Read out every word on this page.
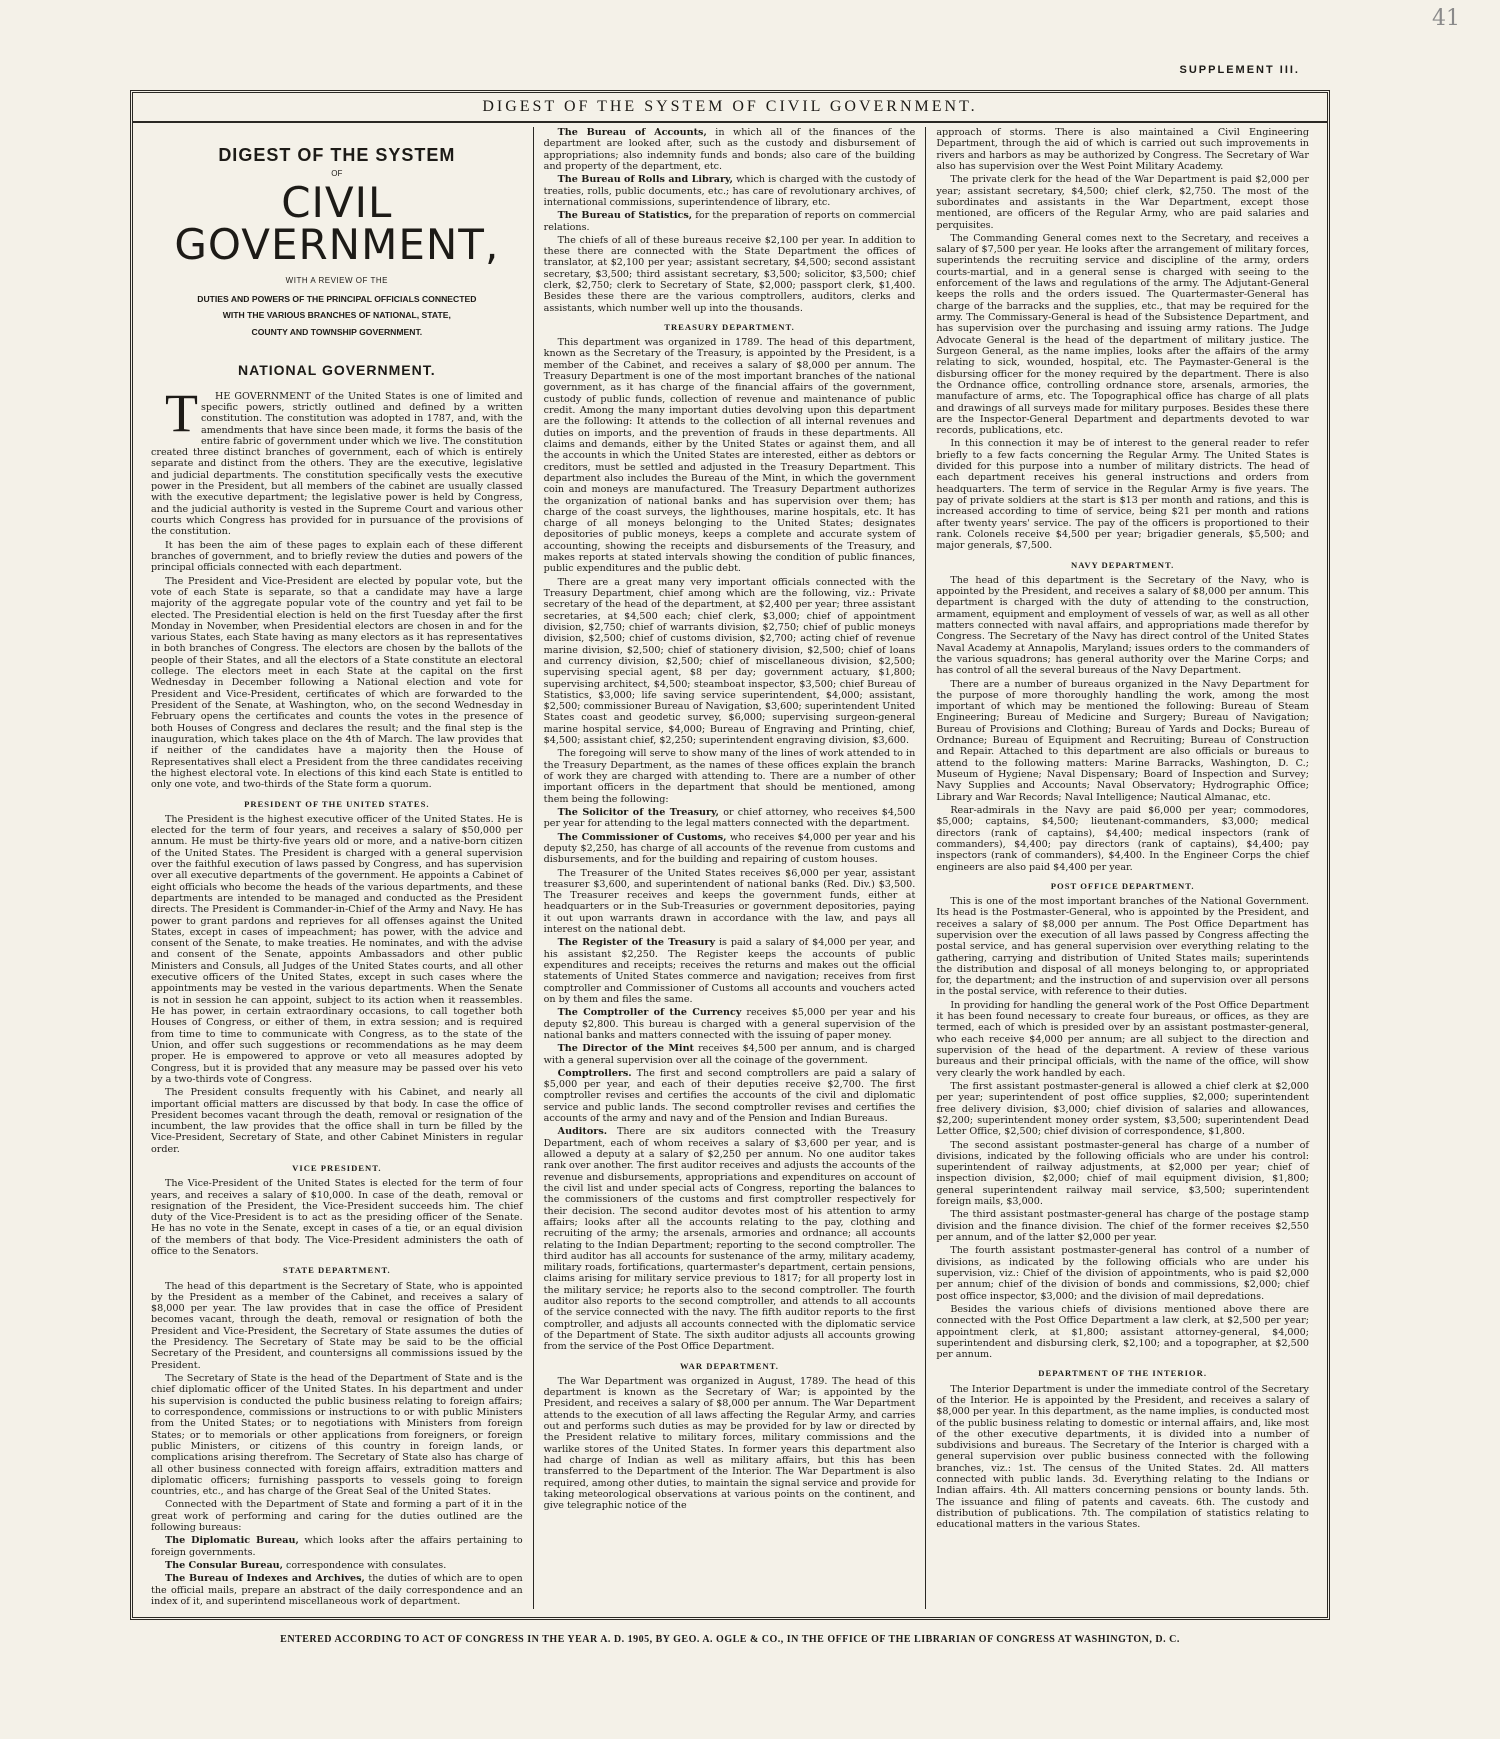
41
SUPPLEMENT III.
DIGEST OF THE SYSTEM OF CIVIL GOVERNMENT.
DIGEST OF THE SYSTEM
OF
CIVIL GOVERNMENT,
WITH A REVIEW OF THE
DUTIES AND POWERS OF THE PRINCIPAL OFFICIALS CONNECTED
WITH THE VARIOUS BRANCHES OF NATIONAL, STATE,
COUNTY AND TOWNSHIP GOVERNMENT.
NATIONAL GOVERNMENT.

THE GOVERNMENT of the United States is one of limited and specific powers, strictly outlined and defined by a written constitution. The constitution was adopted in 1787, and, with the amendments that have since been made, it forms the basis of the entire fabric of government under which we live. The constitution created three distinct branches of government, each of which is entirely separate and distinct from the others. They are the executive, legislative and judicial departments. The constitution specifically vests the executive power in the President, but all members of the cabinet are usually classed with the executive department; the legislative power is held by Congress, and the judicial authority is vested in the Supreme Court and various other courts which Congress has provided for in pursuance of the provisions of the constitution.

It has been the aim of these pages to explain each of these different branches of government, and to briefly review the duties and powers of the principal officials connected with each department.

The President and Vice-President are elected by popular vote, but the vote of each State is separate, so that a candidate may have a large majority of the aggregate popular vote of the country and yet fail to be elected. The Presidential election is held on the first Tuesday after the first Monday in November, when Presidential electors are chosen in and for the various States, each State having as many electors as it has representatives in both branches of Congress. The electors are chosen by the ballots of the people of their States, and all the electors of a State constitute an electoral college. The electors meet in each State at the capital on the first Wednesday in December following a National election and vote for President and Vice-President, certificates of which are forwarded to the President of the Senate, at Washington, who, on the second Wednesday in February opens the certificates and counts the votes in the presence of both Houses of Congress and declares the result; and the final step is the inauguration, which takes place on the 4th of March. The law provides that if neither of the candidates have a majority then the House of Representatives shall elect a President from the three candidates receiving the highest electoral vote. In elections of this kind each State is entitled to only one vote, and two-thirds of the State form a quorum.

PRESIDENT OF THE UNITED STATES.

The President is the highest executive officer of the United States. He is elected for the term of four years, and receives a salary of $50,000 per annum. He must be thirty-five years old or more, and a native-born citizen of the United States. The President is charged with a general supervision over the faithful execution of laws passed by Congress, and has supervision over all executive departments of the government. He appoints a Cabinet of eight officials who become the heads of the various departments, and these departments are intended to be managed and conducted as the President directs. The President is Commander-in-Chief of the Army and Navy. He has power to grant pardons and reprieves for all offenses against the United States, except in cases of impeachment; has power, with the advice and consent of the Senate, to make treaties. He nominates, and with the advise and consent of the Senate, appoints Ambassadors and other public Ministers and Consuls, all Judges of the United States courts, and all other executive officers of the United States, except in such cases where the appointments may be vested in the various departments. When the Senate is not in session he can appoint, subject to its action when it reassembles. He has power, in certain extraordinary occasions, to call together both Houses of Congress, or either of them, in extra session; and is required from time to time to communicate with Congress, as to the state of the Union, and offer such suggestions or recommendations as he may deem proper. He is empowered to approve or veto all measures adopted by Congress, but it is provided that any measure may be passed over his veto by a two-thirds vote of Congress.

The President consults frequently with his Cabinet, and nearly all important official matters are discussed by that body. In case the office of President becomes vacant through the death, removal or resignation of the incumbent, the law provides that the office shall in turn be filled by the Vice-President, Secretary of State, and other Cabinet Ministers in regular order.

VICE PRESIDENT.

The Vice-President of the United States is elected for the term of four years, and receives a salary of $10,000. In case of the death, removal or resignation of the President, the Vice-President succeeds him. The chief duty of the Vice-President is to act as the presiding officer of the Senate. He has no vote in the Senate, except in cases of a tie, or an equal division of the members of that body. The Vice-President administers the oath of office to the Senators.

STATE DEPARTMENT.

The head of this department is the Secretary of State, who is appointed by the President as a member of the Cabinet, and receives a salary of $8,000 per year. The law provides that in case the office of President becomes vacant, through the death, removal or resignation of both the President and Vice-President, the Secretary of State assumes the duties of the Presidency. The Secretary of State may be said to be the official Secretary of the President, and countersigns all commissions issued by the President.

The Secretary of State is the head of the Department of State and is the chief diplomatic officer of the United States. In his department and under his supervision is conducted the public business relating to foreign affairs; to correspondence, commissions or instructions to or with public Ministers from the United States; or to negotiations with Ministers from foreign States; or to memorials or other applications from foreigners, or foreign public Ministers, or citizens of this country in foreign lands, or complications arising therefrom. The Secretary of State also has charge of all other business connected with foreign affairs, extradition matters and diplomatic officers; furnishing passports to vessels going to foreign countries, etc., and has charge of the Great Seal of the United States.

Connected with the Department of State and forming a part of it in the great work of performing and caring for the duties outlined are the following bureaus:

The Diplomatic Bureau, which looks after the affairs pertaining to foreign governments.

The Consular Bureau, correspondence with consulates.

The Bureau of Indexes and Archives, the duties of which are to open the official mails, prepare an abstract of the daily correspondence and an index of it, and superintend miscellaneous work of department.

The Bureau of Accounts, in which all of the finances of the department are looked after, such as the custody and disbursement of appropriations; also indemnity funds and bonds; also care of the building and property of the department, etc.

The Bureau of Rolls and Library, which is charged with the custody of treaties, rolls, public documents, etc.; has care of revolutionary archives, of international commissions, superintendence of library, etc.

The Bureau of Statistics, for the preparation of reports on commercial relations.

The chiefs of all of these bureaus receive $2,100 per year. In addition to these there are connected with the State Department the offices of translator, at $2,100 per year; assistant secretary, $4,500; second assistant secretary, $3,500; third assistant secretary, $3,500; solicitor, $3,500; chief clerk, $2,750; clerk to Secretary of State, $2,000; passport clerk, $1,400. Besides these there are the various comptrollers, auditors, clerks and assistants, which number well up into the thousands.

TREASURY DEPARTMENT.

This department was organized in 1789. The head of this department, known as the Secretary of the Treasury, is appointed by the President, is a member of the Cabinet, and receives a salary of $8,000 per annum. The Treasury Department is one of the most important branches of the national government, as it has charge of the financial affairs of the government, custody of public funds, collection of revenue and maintenance of public credit. Among the many important duties devolving upon this department are the following: It attends to the collection of all internal revenues and duties on imports, and the prevention of frauds in these departments. All claims and demands, either by the United States or against them, and all the accounts in which the United States are interested, either as debtors or creditors, must be settled and adjusted in the Treasury Department. This department also includes the Bureau of the Mint, in which the government coin and moneys are manufactured. The Treasury Department authorizes the organization of national banks and has supervision over them; has charge of the coast surveys, the lighthouses, marine hospitals, etc. It has charge of all moneys belonging to the United States; designates depositories of public moneys, keeps a complete and accurate system of accounting, showing the receipts and disbursements of the Treasury, and makes reports at stated intervals showing the condition of public finances, public expenditures and the public debt.

There are a great many very important officials connected with the Treasury Department, chief among which are the following, viz.: Private secretary of the head of the department, at $2,400 per year; three assistant secretaries, at $4,500 each; chief clerk, $3,000; chief of appointment division, $2,750; chief of warrants division, $2,750; chief of public moneys division, $2,500; chief of customs division, $2,700; acting chief of revenue marine division, $2,500; chief of stationery division, $2,500; chief of loans and currency division, $2,500; chief of miscellaneous division, $2,500; supervising special agent, $8 per day; government actuary, $1,800; supervising architect, $4,500; steamboat inspector, $3,500; chief Bureau of Statistics, $3,000; life saving service superintendent, $4,000; assistant, $2,500; commissioner Bureau of Navigation, $3,600; superintendent United States coast and geodetic survey, $6,000; supervising surgeon-general marine hospital service, $4,000; Bureau of Engraving and Printing, chief, $4,500; assistant chief, $2,250; superintendent engraving division, $3,600.

The foregoing will serve to show many of the lines of work attended to in the Treasury Department, as the names of these offices explain the branch of work they are charged with attending to. There are a number of other important officers in the department that should be mentioned, among them being the following:

The Solicitor of the Treasury, or chief attorney, who receives $4,500 per year for attending to the legal matters connected with the department.

The Commissioner of Customs, who receives $4,000 per year and his deputy $2,250, has charge of all accounts of the revenue from customs and disbursements, and for the building and repairing of custom houses.

The Treasurer of the United States receives $6,000 per year, assistant treasurer $3,600, and superintendent of national banks (Red. Div.) $3,500. The Treasurer receives and keeps the government funds, either at headquarters or in the Sub-Treasuries or government depositories, paying it out upon warrants drawn in accordance with the law, and pays all interest on the national debt.

The Register of the Treasury is paid a salary of $4,000 per year, and his assistant $2,250. The Register keeps the accounts of public expenditures and receipts; receives the returns and makes out the official statements of United States commerce and navigation; receives from first comptroller and Commissioner of Customs all accounts and vouchers acted on by them and files the same.

The Comptroller of the Currency receives $5,000 per year and his deputy $2,800. This bureau is charged with a general supervision of the national banks and matters connected with the issuing of paper money.

The Director of the Mint receives $4,500 per annum, and is charged with a general supervision over all the coinage of the government.

Comptrollers. The first and second comptrollers are paid a salary of $5,000 per year, and each of their deputies receive $2,700. The first comptroller revises and certifies the accounts of the civil and diplomatic service and public lands. The second comptroller revises and certifies the accounts of the army and navy and of the Pension and Indian Bureaus.

Auditors. There are six auditors connected with the Treasury Department, each of whom receives a salary of $3,600 per year, and is allowed a deputy at a salary of $2,250 per annum. No one auditor takes rank over another. The first auditor receives and adjusts the accounts of the revenue and disbursements, appropriations and expenditures on account of the civil list and under special acts of Congress, reporting the balances to the commissioners of the customs and first comptroller respectively for their decision. The second auditor devotes most of his attention to army affairs; looks after all the accounts relating to the pay, clothing and recruiting of the army; the arsenals, armories and ordnance; all accounts relating to the Indian Department; reporting to the second comptroller. The third auditor has all accounts for sustenance of the army, military academy, military roads, fortifications, quartermaster's department, certain pensions, claims arising for military service previous to 1817; for all property lost in the military service; he reports also to the second comptroller. The fourth auditor also reports to the second comptroller, and attends to all accounts of the service connected with the navy. The fifth auditor reports to the first comptroller, and adjusts all accounts connected with the diplomatic service of the Department of State. The sixth auditor adjusts all accounts growing from the service of the Post Office Department.

WAR DEPARTMENT.

The War Department was organized in August, 1789. The head of this department is known as the Secretary of War; is appointed by the President, and receives a salary of $8,000 per annum. The War Department attends to the execution of all laws affecting the Regular Army, and carries out and performs such duties as may be provided for by law or directed by the President relative to military forces, military commissions and the warlike stores of the United States. In former years this department also had charge of Indian as well as military affairs, but this has been transferred to the Department of the Interior. The War Department is also required, among other duties, to maintain the signal service and provide for taking meteorological observations at various points on the continent, and give telegraphic notice of the

approach of storms. There is also maintained a Civil Engineering Department, through the aid of which is carried out such improvements in rivers and harbors as may be authorized by Congress. The Secretary of War also has supervision over the West Point Military Academy.

The private clerk for the head of the War Department is paid $2,000 per year; assistant secretary, $4,500; chief clerk, $2,750. The most of the subordinates and assistants in the War Department, except those mentioned, are officers of the Regular Army, who are paid salaries and perquisites.

The Commanding General comes next to the Secretary, and receives a salary of $7,500 per year. He looks after the arrangement of military forces, superintends the recruiting service and discipline of the army, orders courts-martial, and in a general sense is charged with seeing to the enforcement of the laws and regulations of the army. The Adjutant-General keeps the rolls and the orders issued. The Quartermaster-General has charge of the barracks and the supplies, etc., that may be required for the army. The Commissary-General is head of the Subsistence Department, and has supervision over the purchasing and issuing army rations. The Judge Advocate General is the head of the department of military justice. The Surgeon General, as the name implies, looks after the affairs of the army relating to sick, wounded, hospital, etc. The Paymaster-General is the disbursing officer for the money required by the department. There is also the Ordnance office, controlling ordnance store, arsenals, armories, the manufacture of arms, etc. The Topographical office has charge of all plats and drawings of all surveys made for military purposes. Besides these there are the Inspector-General Department and departments devoted to war records, publications, etc.

In this connection it may be of interest to the general reader to refer briefly to a few facts concerning the Regular Army. The United States is divided for this purpose into a number of military districts. The head of each department receives his general instructions and orders from headquarters. The term of service in the Regular Army is five years. The pay of private soldiers at the start is $13 per month and rations, and this is increased according to time of service, being $21 per month and rations after twenty years' service. The pay of the officers is proportioned to their rank. Colonels receive $4,500 per year; brigadier generals, $5,500; and major generals, $7,500.

NAVY DEPARTMENT.

The head of this department is the Secretary of the Navy, who is appointed by the President, and receives a salary of $8,000 per annum. This department is charged with the duty of attending to the construction, armament, equipment and employment of vessels of war, as well as all other matters connected with naval affairs, and appropriations made therefor by Congress. The Secretary of the Navy has direct control of the United States Naval Academy at Annapolis, Maryland; issues orders to the commanders of the various squadrons; has general authority over the Marine Corps; and has control of all the several bureaus of the Navy Department.

There are a number of bureaus organized in the Navy Department for the purpose of more thoroughly handling the work, among the most important of which may be mentioned the following: Bureau of Steam Engineering; Bureau of Medicine and Surgery; Bureau of Navigation; Bureau of Provisions and Clothing; Bureau of Yards and Docks; Bureau of Ordnance; Bureau of Equipment and Recruiting; Bureau of Construction and Repair. Attached to this department are also officials or bureaus to attend to the following matters: Marine Barracks, Washington, D. C.; Museum of Hygiene; Naval Dispensary; Board of Inspection and Survey; Navy Supplies and Accounts; Naval Observatory; Hydrographic Office; Library and War Records; Naval Intelligence; Nautical Almanac, etc.

Rear-admirals in the Navy are paid $6,000 per year; commodores, $5,000; captains, $4,500; lieutenant-commanders, $3,000; medical directors (rank of captains), $4,400; medical inspectors (rank of commanders), $4,400; pay directors (rank of captains), $4,400; pay inspectors (rank of commanders), $4,400. In the Engineer Corps the chief engineers are also paid $4,400 per year.

POST OFFICE DEPARTMENT.

This is one of the most important branches of the National Government. Its head is the Postmaster-General, who is appointed by the President, and receives a salary of $8,000 per annum. The Post Office Department has supervision over the execution of all laws passed by Congress affecting the postal service, and has general supervision over everything relating to the gathering, carrying and distribution of United States mails; superintends the distribution and disposal of all moneys belonging to, or appropriated for, the department; and the instruction of and supervision over all persons in the postal service, with reference to their duties.

In providing for handling the general work of the Post Office Department it has been found necessary to create four bureaus, or offices, as they are termed, each of which is presided over by an assistant postmaster-general, who each receive $4,000 per annum; are all subject to the direction and supervision of the head of the department. A review of these various bureaus and their principal officials, with the name of the office, will show very clearly the work handled by each.

The first assistant postmaster-general is allowed a chief clerk at $2,000 per year; superintendent of post office supplies, $2,000; superintendent free delivery division, $3,000; chief division of salaries and allowances, $2,200; superintendent money order system, $3,500; superintendent Dead Letter Office, $2,500; chief division of correspondence, $1,800.

The second assistant postmaster-general has charge of a number of divisions, indicated by the following officials who are under his control: superintendent of railway adjustments, at $2,000 per year; chief of inspection division, $2,000; chief of mail equipment division, $1,800; general superintendent railway mail service, $3,500; superintendent foreign mails, $3,000.

The third assistant postmaster-general has charge of the postage stamp division and the finance division. The chief of the former receives $2,550 per annum, and of the latter $2,000 per year.

The fourth assistant postmaster-general has control of a number of divisions, as indicated by the following officials who are under his supervision, viz.: Chief of the division of appointments, who is paid $2,000 per annum; chief of the division of bonds and commissions, $2,000; chief post office inspector, $3,000; and the division of mail depredations.

Besides the various chiefs of divisions mentioned above there are connected with the Post Office Department a law clerk, at $2,500 per year; appointment clerk, at $1,800; assistant attorney-general, $4,000; superintendent and disbursing clerk, $2,100; and a topographer, at $2,500 per annum.

DEPARTMENT OF THE INTERIOR.

The Interior Department is under the immediate control of the Secretary of the Interior. He is appointed by the President, and receives a salary of $8,000 per year. In this department, as the name implies, is conducted most of the public business relating to domestic or internal affairs, and, like most of the other executive departments, it is divided into a number of subdivisions and bureaus. The Secretary of the Interior is charged with a general supervision over public business connected with the following branches, viz.: 1st. The census of the United States. 2d. All matters connected with public lands. 3d. Everything relating to the Indians or Indian affairs. 4th. All matters concerning pensions or bounty lands. 5th. The issuance and filing of patents and caveats. 6th. The custody and distribution of publications. 7th. The compilation of statistics relating to educational matters in the various States.

ENTERED ACCORDING TO ACT OF CONGRESS IN THE YEAR A. D. 1905, BY GEO. A. OGLE & CO., IN THE OFFICE OF THE LIBRARIAN OF CONGRESS AT WASHINGTON, D. C.
